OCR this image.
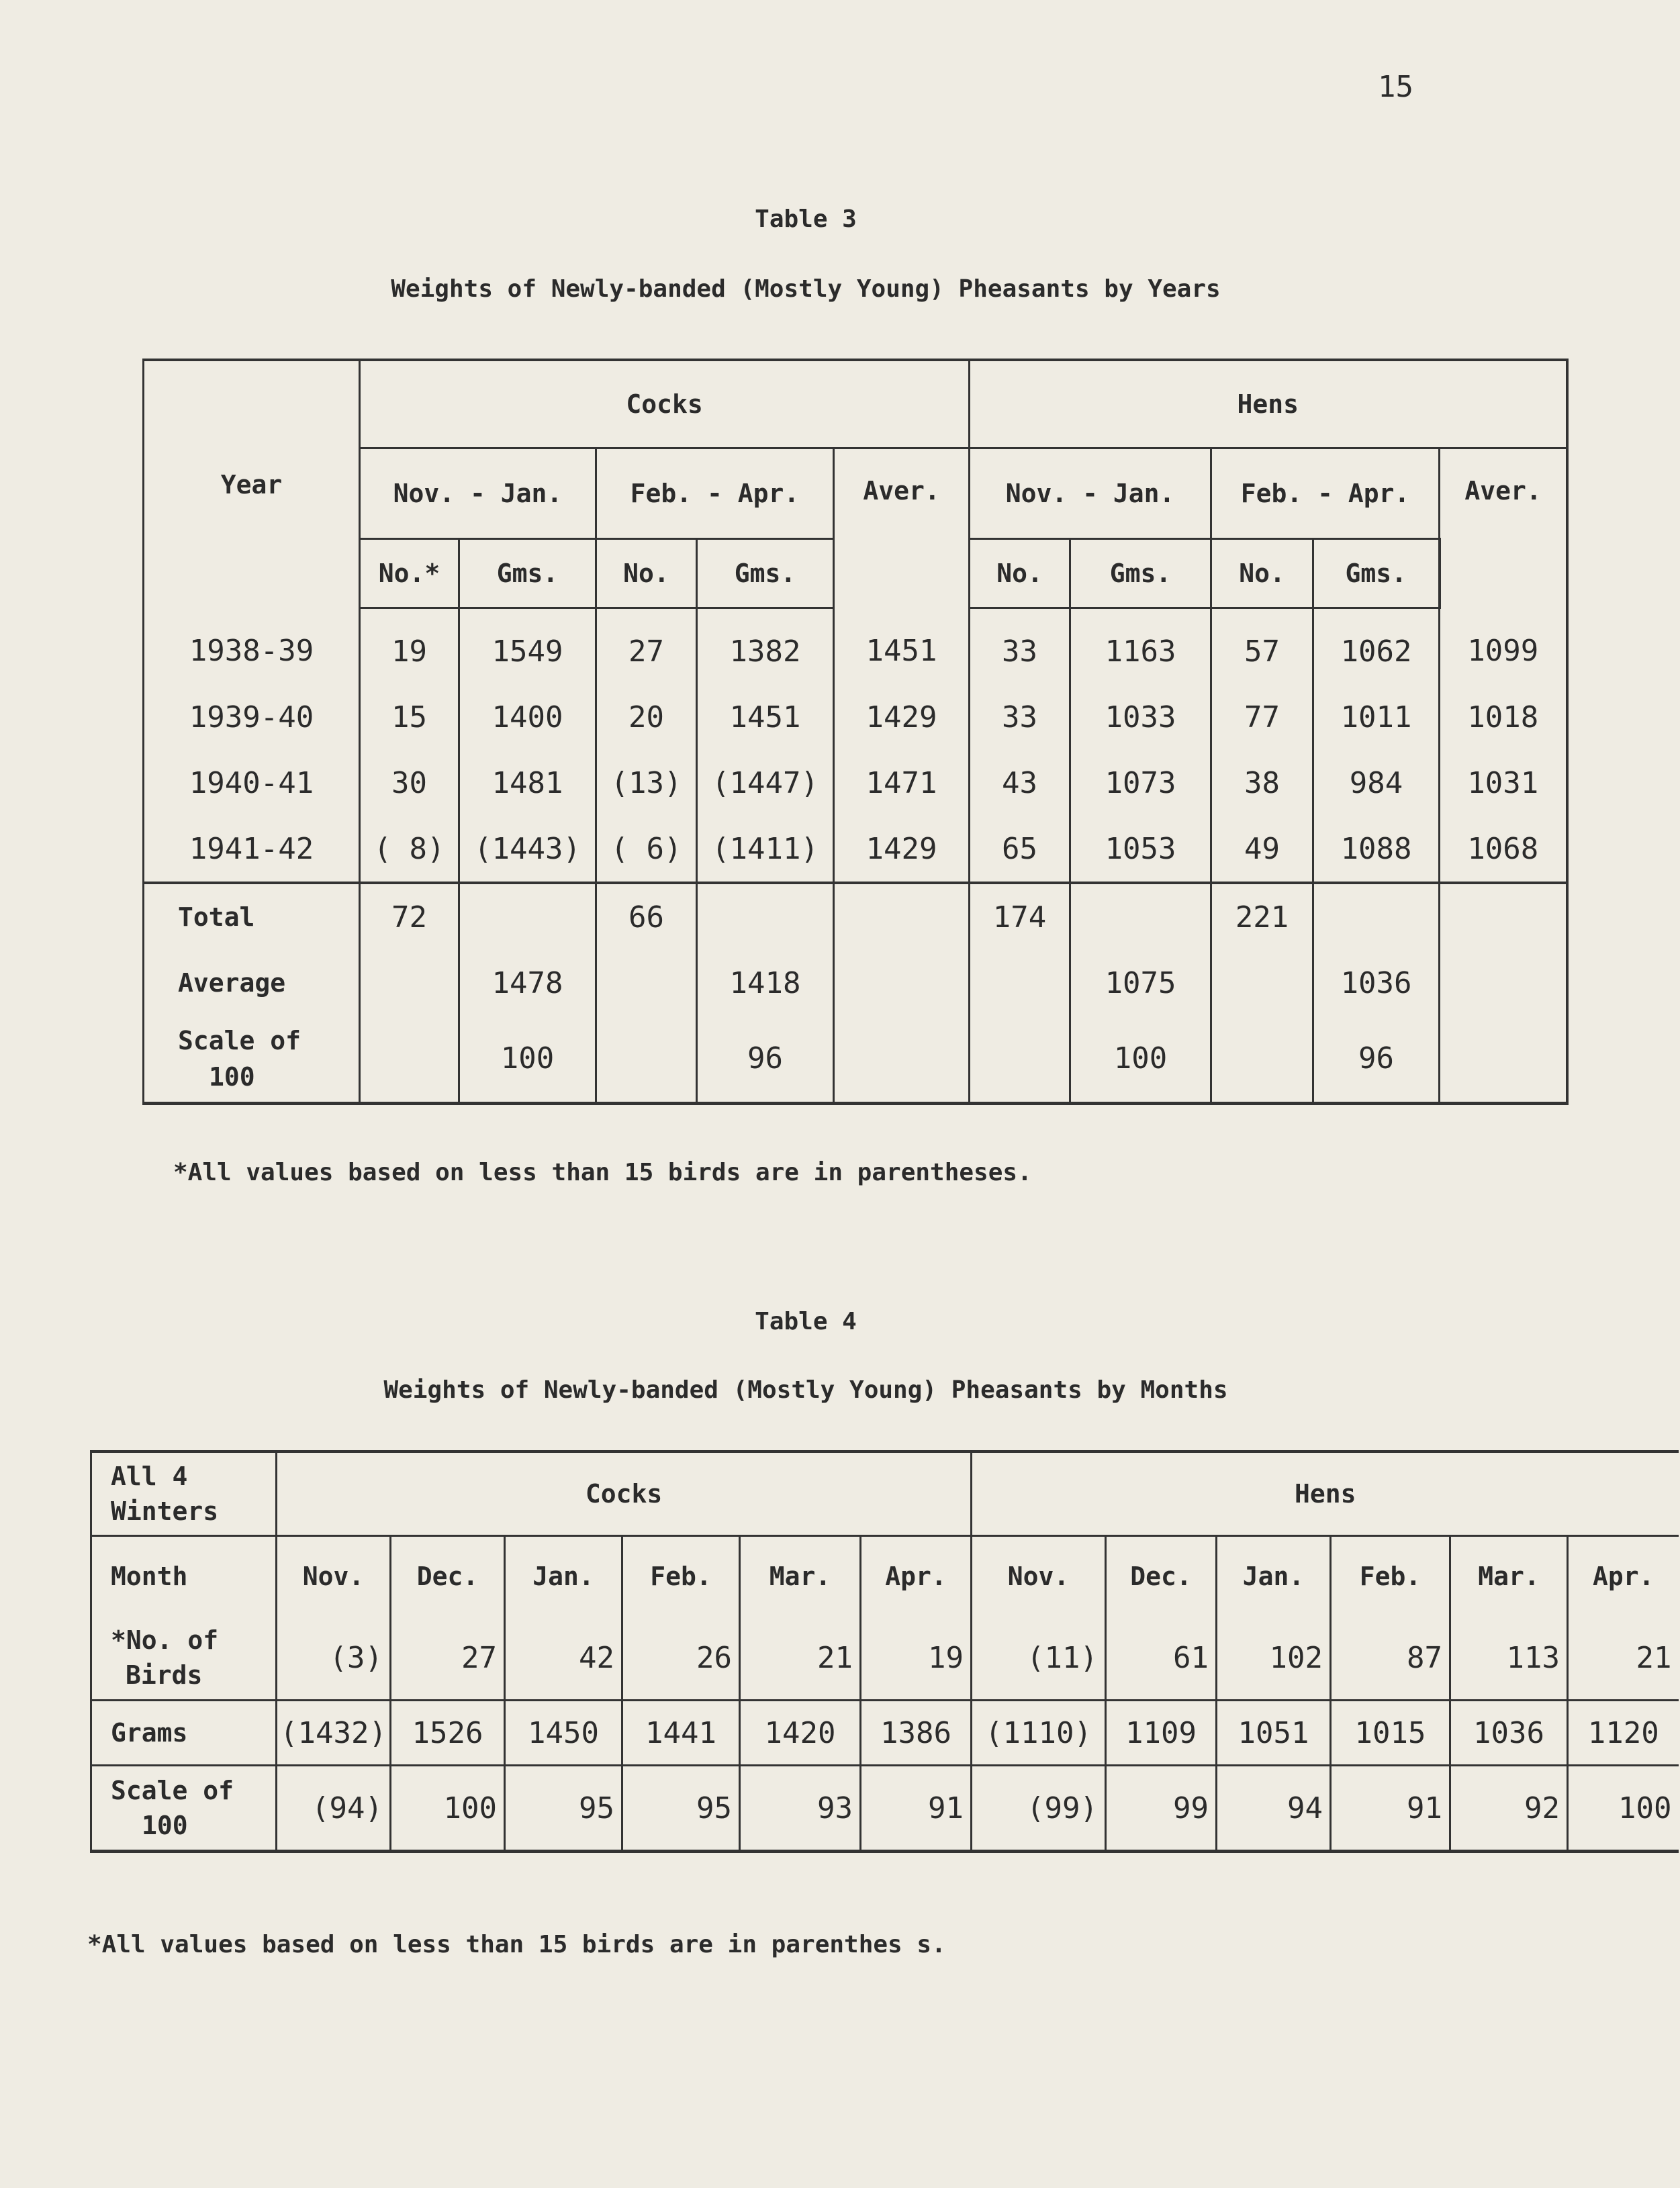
15
Table 3
Weights of Newly-banded (Mostly Young) Pheasants by Years
Year	Cocks					Hens				
	Nov. - Jan.		Feb. - Apr.		Aver.	Nov. - Jan.		Feb. - Apr.		Aver.
	No.*	Gms.	No.	Gms.		No.	Gms.	No.	Gms.	
1938-39	19	1549	27	1382	1451	33	1163	57	1062	1099
1939-40	15	1400	20	1451	1429	33	1033	77	1011	1018
1940-41	30	1481	(13)	(1447)	1471	43	1073	38	984	1031
1941-42	( 8)	(1443)	( 6)	(1411)	1429	65	1053	49	1088	1068
Total	72		66			174		221		
Average		1478		1418			1075		1036	
Scale of
100		100		96			100		96	
*All values based on less than 15 birds are in parentheses.
Table 4
Weights of Newly-banded (Mostly Young) Pheasants by Months
All 4
Winters	Cocks						Hens					
Month	Nov.	Dec.	Jan.	Feb.	Mar.	Apr.	Nov.	Dec.	Jan.	Feb.	Mar.	Apr.
*No. of
Birds	(3)	27	42	26	21	19	(11)	61	102	87	113	21
Grams	(1432)	1526	1450	1441	1420	1386	(1110)	1109	1051	1015	1036	1120
Scale of
100	(94)	100	95	95	93	91	(99)	99	94	91	92	100
*All values based on less than 15 birds are in parenthes s.
